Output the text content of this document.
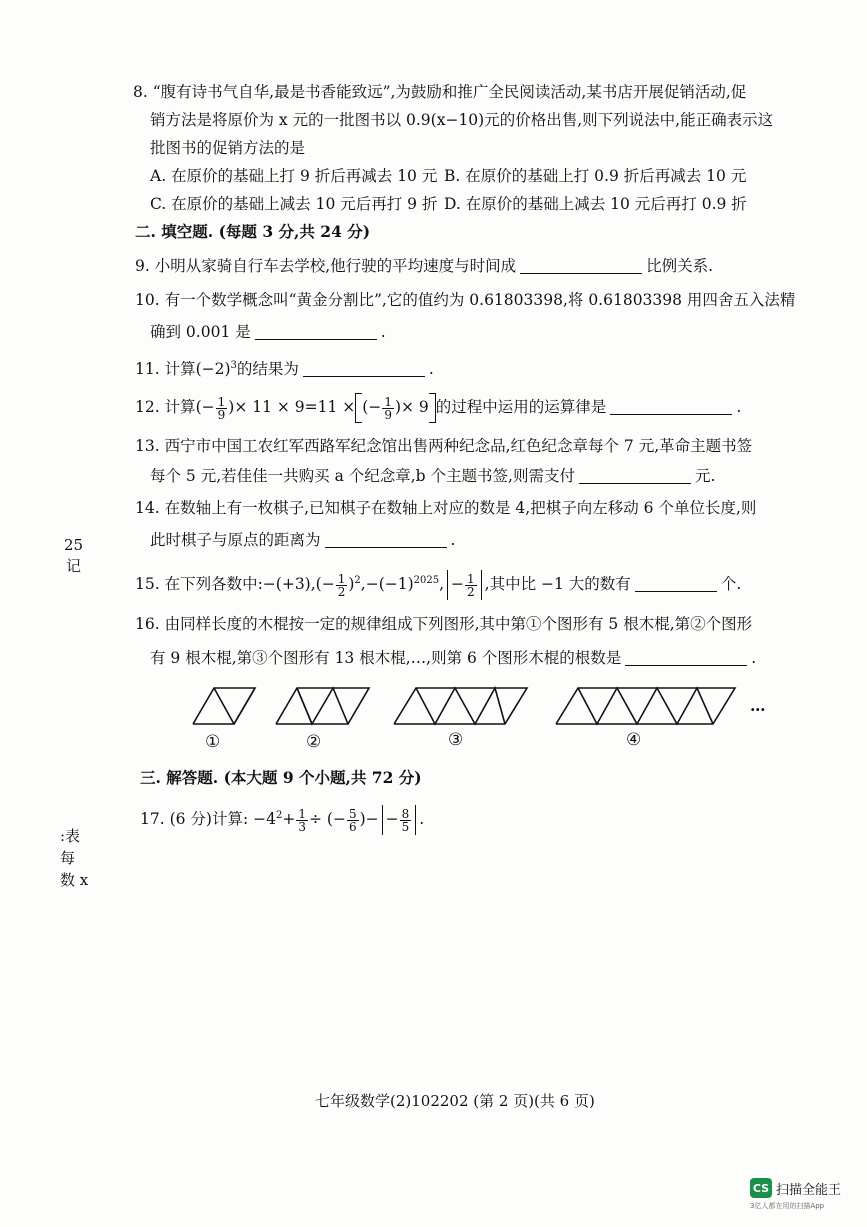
8. “腹有诗书气自华,最是书香能致远”,为鼓励和推广全民阅读活动,某书店开展促销活动,促
销方法是将原价为 x 元的一批图书以 0.9(x−10)元的价格出售,则下列说法中,能正确表示这
批图书的促销方法的是
A. 在原价的基础上打 9 折后再减去 10 元 B. 在原价的基础上打 0.9 折后再减去 10 元
C. 在原价的基础上减去 10 元后再打 9 折 D. 在原价的基础上减去 10 元后再打 0.9 折
二. 填空题. (每题 3 分,共 24 分)
9. 小明从家骑自行车去学校,他行驶的平均速度与时间成	比例关系.
10. 有一个数学概念叫“黄金分割比”,它的值约为 0.61803398,将 0.61803398 用四舍五入法精
确到 0.001 是	.
11. 计算$(-2)^3$的结果为	.
12. 计算(− $\frac{1}{9}$ )× 11 × 9=11 × (− $\frac{1}{9}$ )× 9 的过程中运用的运算律是	.
13. 西宁市中国工农红军西路军纪念馆出售两种纪念品,红色纪念章每个 7 元,革命主题书签
每个 5 元,若佳佳一共购买 a 个纪念章,b 个主题书签,则需支付	元.
14. 在数轴上有一枚棋子,已知棋子在数轴上对应的数是 4,把棋子向左移动 6 个单位长度,则
此时棋子与原点的距离为	.
15. 在下列各数中:−(+3),(− $\frac{1}{2} )^2,-(-1)^{2025}$, − $\frac{1}{2}$ ,其中比 −1 大的数有	个.
16. 由同样长度的木棍按一定的规律组成下列图形,其中第①个图形有 5 根木棍,第②个图形
有 9 根木棍,第③个图形有 13 根木棍,…,则第 6 个图形木棍的根数是	.
①	②	③	④
…
三. 解答题. (本大题 9 个小题,共 72 分)
17. (6 分)计算: $-4^2+ \frac{1}{3}$ ÷ (− $\frac{5}{6}$ )− − $\frac{8}{5}$ .
25
记
:表
每
数 x
七年级数学(2)102202 (第 2 页)(共 6 页)
CS 扫描全能王
3亿人都在用的扫描App
